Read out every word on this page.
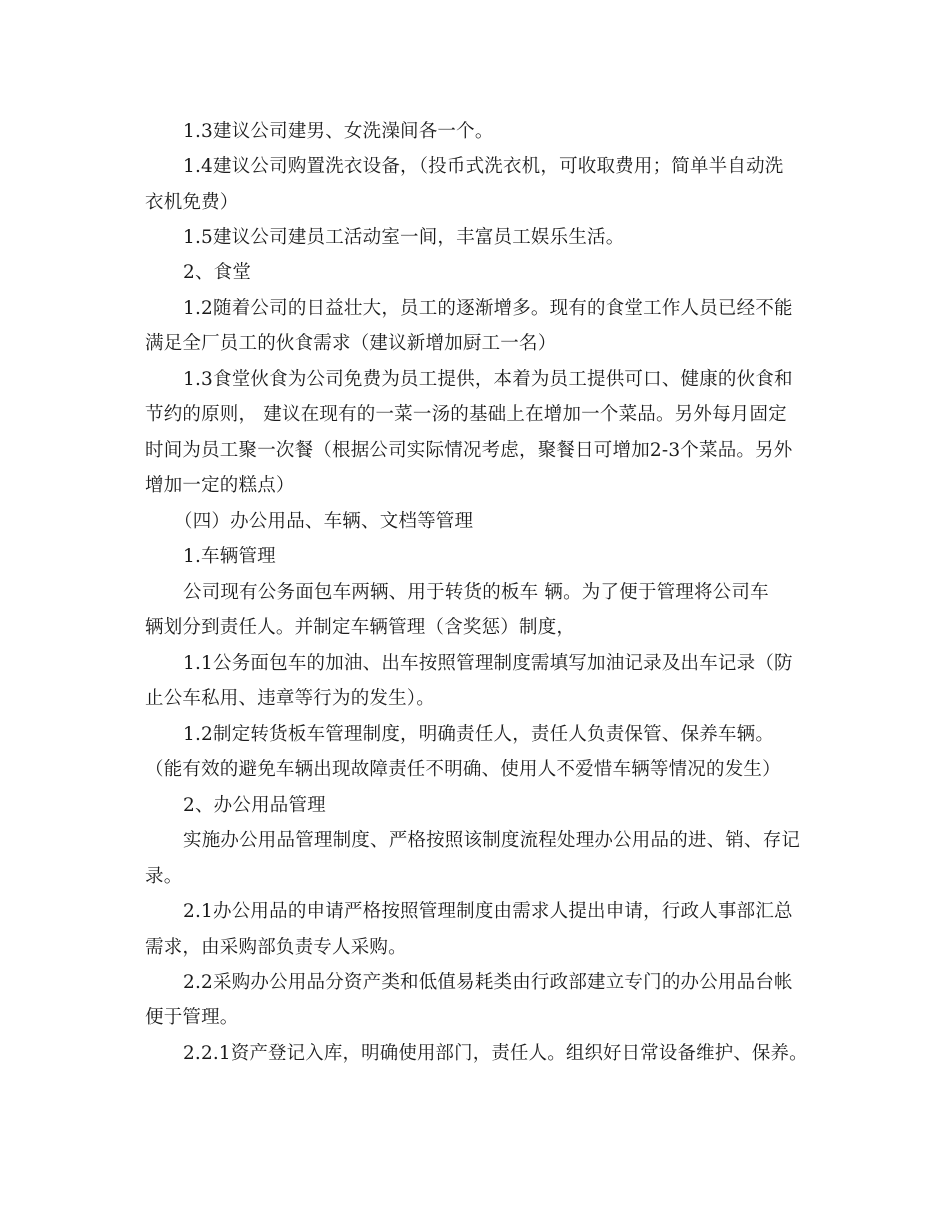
1.3建议公司建男、女洗澡间各一个。
1.4建议公司购置洗衣设备，（投币式洗衣机，可收取费用；简单半自动洗
衣机免费）
1.5建议公司建员工活动室一间，丰富员工娱乐生活。
2、食堂
1.2随着公司的日益壮大，员工的逐渐增多。现有的食堂工作人员已经不能
满足全厂员工的伙食需求（建议新增加厨工一名）
1.3食堂伙食为公司免费为员工提供，本着为员工提供可口、健康的伙食和
节约的原则， 建议在现有的一菜一汤的基础上在增加一个菜品。另外每月固定
时间为员工聚一次餐（根据公司实际情况考虑，聚餐日可增加2-3个菜品。另外
增加一定的糕点）
（四）办公用品、车辆、文档等管理
1.车辆管理
公司现有公务面包车两辆、用于转货的板车 辆。为了便于管理将公司车
辆划分到责任人。并制定车辆管理（含奖惩）制度，
1.1公务面包车的加油、出车按照管理制度需填写加油记录及出车记录（防
止公车私用、违章等行为的发生）。
1.2制定转货板车管理制度，明确责任人，责任人负责保管、保养车辆。
（能有效的避免车辆出现故障责任不明确、使用人不爱惜车辆等情况的发生）
2、办公用品管理
实施办公用品管理制度、严格按照该制度流程处理办公用品的进、销、存记
录。
2.1办公用品的申请严格按照管理制度由需求人提出申请，行政人事部汇总
需求，由采购部负责专人采购。
2.2采购办公用品分资产类和低值易耗类由行政部建立专门的办公用品台帐
便于管理。
2.2.1资产登记入库，明确使用部门，责任人。组织好日常设备维护、保养。
